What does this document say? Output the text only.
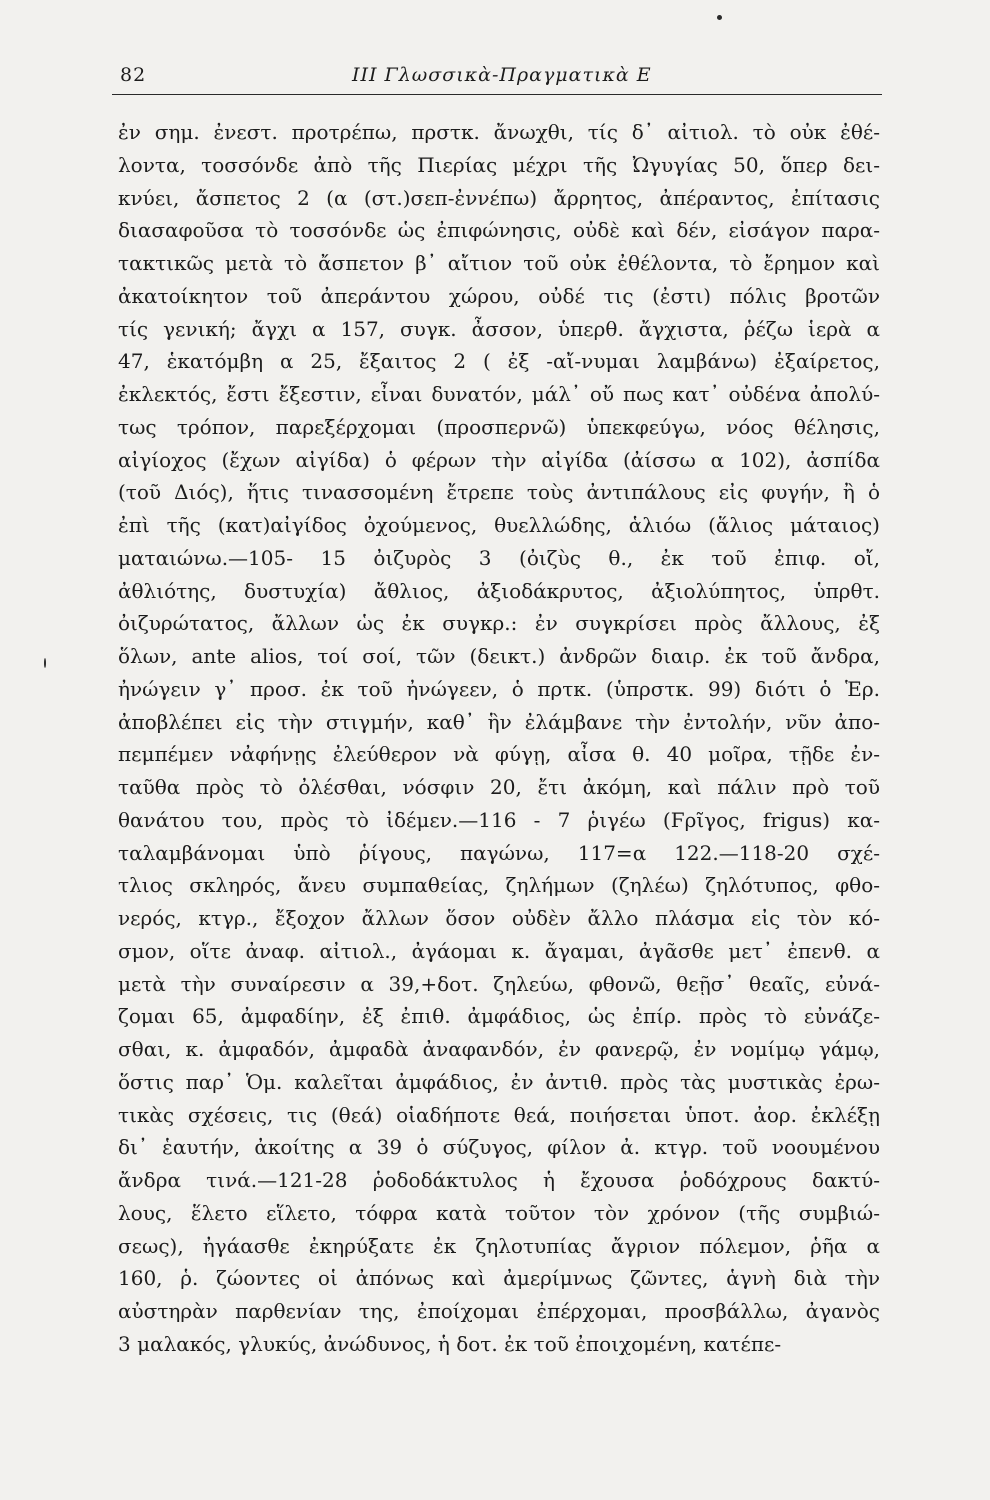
82	ΙΙΙ Γλωσσικὰ-Πραγματικὰ Ε
ἐν σημ. ἐνεστ. προτρέπω, πρστκ. ἄνωχθι, τίς δ᾽ αἰτιολ. τὸ οὐκ ἐθέ-
λοντα, τοσσόνδε ἀπὸ τῆς Πιερίας μέχρι τῆς Ὠγυγίας 50, ὅπερ δει-
κνύει, ἄσπετος 2 (α (στ.)σεπ-ἐννέπω) ἄρρητος, ἀπέραντος, ἐπίτασις
διασαφοῦσα τὸ τοσσόνδε ὡς ἐπιφώνησις, οὐδὲ καὶ δέν, εἰσάγον παρα-
τακτικῶς μετὰ τὸ ἄσπετον β᾽ αἴτιον τοῦ οὐκ ἐθέλοντα, τὸ ἔρημον καὶ
ἀκατοίκητον τοῦ ἀπεράντου χώρου, οὐδέ τις (ἐστι) πόλις βροτῶν
τίς γενική; ἄγχι α 157, συγκ. ἆσσον, ὑπερθ. ἄγχιστα, ῥέζω ἱερὰ α
47, ἑκατόμβη α 25, ἔξαιτος 2 ( ἐξ -αἴ-νυμαι λαμβάνω) ἐξαίρετος,
ἐκλεκτός, ἔστι ἔξεστιν, εἶναι δυνατόν, μάλ᾽ οὔ πως κατ᾽ οὐδένα ἀπολύ-
τως τρόπον, παρεξέρχομαι (προσπερνῶ) ὑπεκφεύγω, νόος θέλησις,
αἰγίοχος (ἔχων αἰγίδα) ὁ φέρων τὴν αἰγίδα (ἀίσσω α 102), ἀσπίδα
(τοῦ Διός), ἥτις τινασσομένη ἔτρεπε τοὺς ἀντιπάλους εἰς φυγήν, ἢ ὁ
ἐπὶ τῆς (κατ)αἰγίδος ὀχούμενος, θυελλώδης, ἁλιόω (ἅλιος μάταιος)
ματαιώνω.—105- 15 ὀιζυρὸς 3 (ὀιζὺς θ., ἐκ τοῦ ἐπιφ. οἴ,
ἀθλιότης, δυστυχία) ἄθλιος, ἀξιοδάκρυτος, ἀξιολύπητος, ὑπρθτ.
ὀιζυρώτατος, ἄλλων ὡς ἐκ συγκρ.: ἐν συγκρίσει πρὸς ἄλλους, ἐξ
ὅλων, ante alios, τοί σοί, τῶν (δεικτ.) ἀνδρῶν διαιρ. ἐκ τοῦ ἄνδρα,
ἠνώγειν γ᾽ προσ. ἐκ τοῦ ἠνώγεεν, ὁ πρτκ. (ὑπρστκ. 99) διότι ὁ Ἑρ.
ἀποβλέπει εἰς τὴν στιγμήν, καθ᾽ ἣν ἐλάμβανε τὴν ἐντολήν, νῦν ἀπο-
πεμπέμεν νἀφήνῃς ἐλεύθερον νὰ φύγῃ, αἶσα θ. 40 μοῖρα, τῇδε ἐν-
ταῦθα πρὸς τὸ ὀλέσθαι, νόσφιν 20, ἔτι ἀκόμη, καὶ πάλιν πρὸ τοῦ
θανάτου του, πρὸς τὸ ἰδέμεν.—116 - 7 ῥιγέω (Ϝρῖγος, frigus) κα-
ταλαμβάνομαι ὑπὸ ῥίγους, παγώνω, 117=α 122.—118-20 σχέ-
τλιος σκληρός, ἄνευ συμπαθείας, ζηλήμων (ζηλέω) ζηλότυπος, φθο-
νερός, κτγρ., ἔξοχον ἄλλων ὅσον οὐδὲν ἄλλο πλάσμα εἰς τὸν κό-
σμον, οἵτε ἀναφ. αἰτιολ., ἀγάομαι κ. ἄγαμαι, ἀγᾶσθε μετ᾽ ἐπενθ. α
μετὰ τὴν συναίρεσιν α 39,+δοτ. ζηλεύω, φθονῶ, θεῇσ᾽ θεαῖς, εὐνά-
ζομαι 65, ἀμφαδίην, ἐξ ἐπιθ. ἀμφάδιος, ὡς ἐπίρ. πρὸς τὸ εὐνάζε-
σθαι, κ. ἀμφαδόν, ἀμφαδὰ ἀναφανδόν, ἐν φανερῷ, ἐν νομίμῳ γάμῳ,
ὅστις παρ᾽ Ὁμ. καλεῖται ἀμφάδιος, ἐν ἀντιθ. πρὸς τὰς μυστικὰς ἐρω-
τικὰς σχέσεις, τις (θεά) οἱαδήποτε θεά, ποιήσεται ὑποτ. ἀορ. ἐκλέξῃ
δι᾽ ἑαυτήν, ἀκοίτης α 39 ὁ σύζυγος, φίλον ἀ. κτγρ. τοῦ νοουμένου
ἄνδρα τινά.—121-28 ῥοδοδάκτυλος ἡ ἔχουσα ῥοδόχρους δακτύ-
λους, ἕλετο εἵλετο, τόφρα κατὰ τοῦτον τὸν χρόνον (τῆς συμβιώ-
σεως), ἠγάασθε ἐκηρύξατε ἐκ ζηλοτυπίας ἄγριον πόλεμον, ῥῆα α
160, ῥ. ζώοντες οἱ ἀπόνως καὶ ἀμερίμνως ζῶντες, ἁγνὴ διὰ τὴν
αὐστηρὰν παρθενίαν της, ἐποίχομαι ἐπέρχομαι, προσβάλλω, ἀγανὸς
3 μαλακός, γλυκύς, ἀνώδυνος, ἡ δοτ. ἐκ τοῦ ἐποιχομένη, κατέπε-
